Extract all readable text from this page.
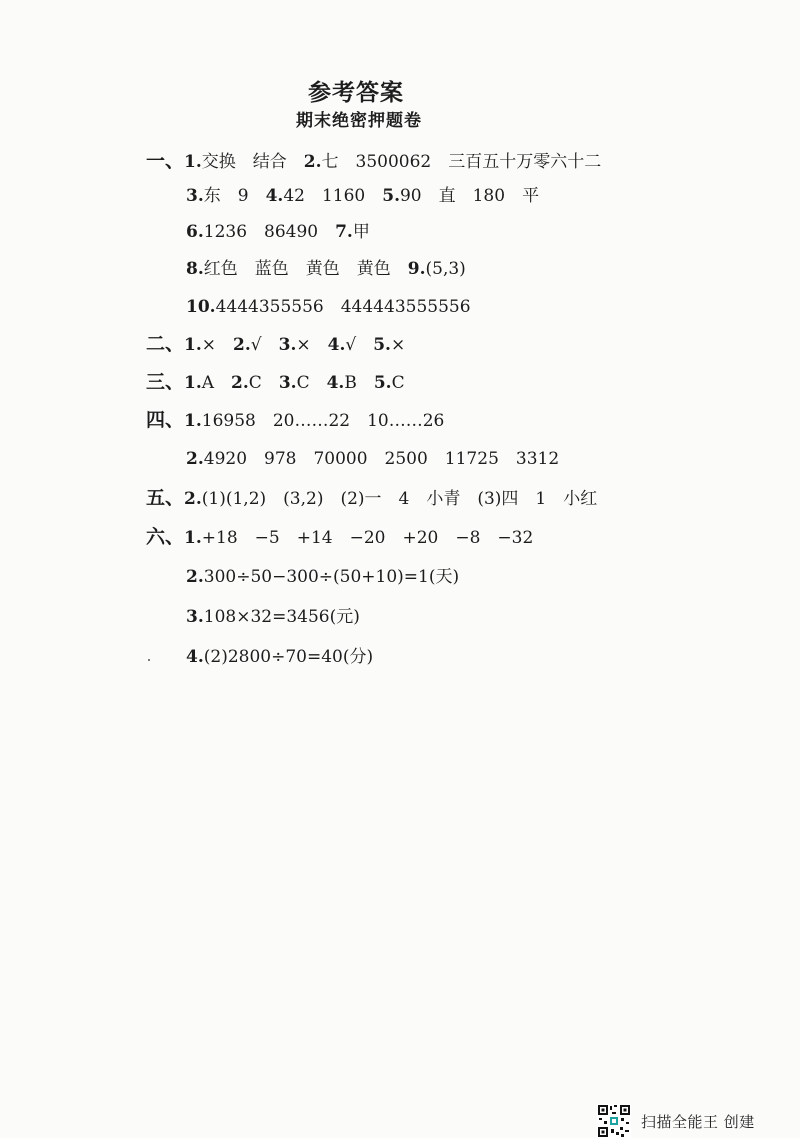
参考答案
期末绝密押题卷
一、1.交换　结合　2.七　3500062　三百五十万零六十二
3.东　9　4.42　1160　5.90　直　180　平
6.1236　86490　7.甲
8.红色　蓝色　黄色　黄色　9.(5,3)
10.4444355556　444443555556
二、1.×　2.√　3.×　4.√　5.×
三、1.A　2.C　3.C　4.B　5.C
四、1.16958　20……22　10……26
2.4920　978　70000　2500　11725　3312
五、2.(1)(1,2)　(3,2)　(2)一　4　小青　(3)四　1　小红
六、1.+18　−5　+14　−20　+20　−8　−32
2.300÷50−300÷(50+10)=1(天)
3.108×32=3456(元)
4.(2)2800÷70=40(分)
扫描全能王 创建
